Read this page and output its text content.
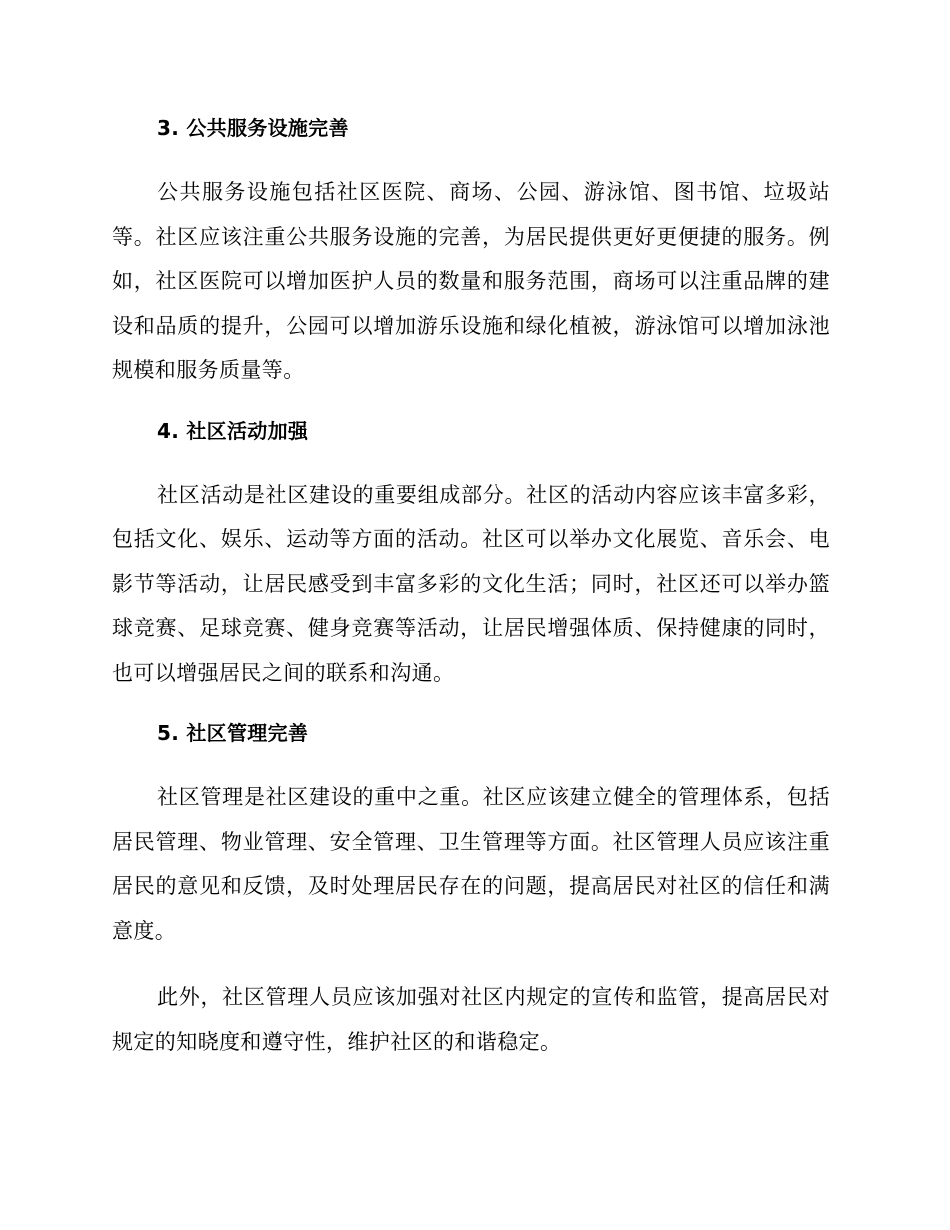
3. 公共服务设施完善

公共服务设施包括社区医院、商场、公园、游泳馆、图书馆、垃圾站等。社区应该注重公共服务设施的完善，为居民提供更好更便捷的服务。例如，社区医院可以增加医护人员的数量和服务范围，商场可以注重品牌的建设和品质的提升，公园可以增加游乐设施和绿化植被，游泳馆可以增加泳池规模和服务质量等。

4. 社区活动加强

社区活动是社区建设的重要组成部分。社区的活动内容应该丰富多彩，包括文化、娱乐、运动等方面的活动。社区可以举办文化展览、音乐会、电影节等活动，让居民感受到丰富多彩的文化生活；同时，社区还可以举办篮球竞赛、足球竞赛、健身竞赛等活动，让居民增强体质、保持健康的同时，也可以增强居民之间的联系和沟通。

5. 社区管理完善

社区管理是社区建设的重中之重。社区应该建立健全的管理体系，包括居民管理、物业管理、安全管理、卫生管理等方面。社区管理人员应该注重居民的意见和反馈，及时处理居民存在的问题，提高居民对社区的信任和满意度。

此外，社区管理人员应该加强对社区内规定的宣传和监管，提高居民对规定的知晓度和遵守性，维护社区的和谐稳定。
